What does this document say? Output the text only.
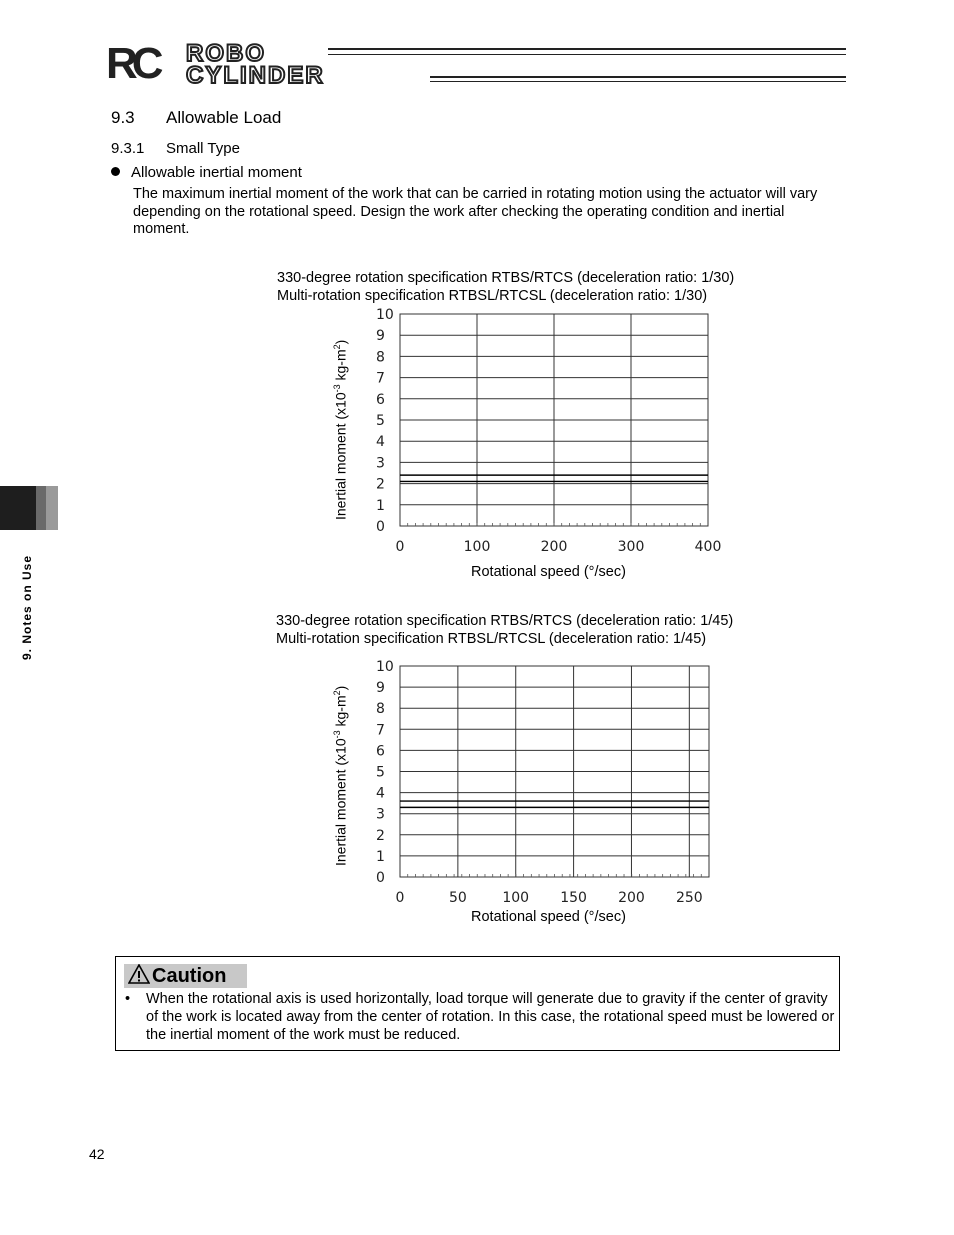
RC	ROBO
CYLINDER
9.3 Allowable Load
9.3.1 Small Type
Allowable inertial moment
The maximum inertial moment of the work that can be carried in rotating motion using the actuator will vary depending on the rotational speed. Design the work after checking the operating condition and inertial moment.
9. Notes on Use
330-degree rotation specification RTBS/RTCS (deceleration ratio: 1/30)
Multi-rotation specification RTBSL/RTCSL (deceleration ratio: 1/30)
Inertial moment ($x10^{-3}$ $kg-m^2$)
0
1
2
3
4
5
6
7
8
9
10
0	100	200	300	400
Rotational speed (°/sec)
330-degree rotation specification RTBS/RTCS (deceleration ratio: 1/45)
Multi-rotation specification RTBSL/RTCSL (deceleration ratio: 1/45)
Inertial moment ($x10^{-3}$ $kg-m^2$)
0
1
2
3
4
5
6
7
8
9
10
0	50	100 150 200 250
Rotational speed (°/sec)
Caution
•	When the rotational axis is used horizontally, load torque will generate due to gravity if the center of gravity of the work is located away from the center of rotation. In this case, the rotational speed must be lowered or the inertial moment of the work must be reduced.
42
